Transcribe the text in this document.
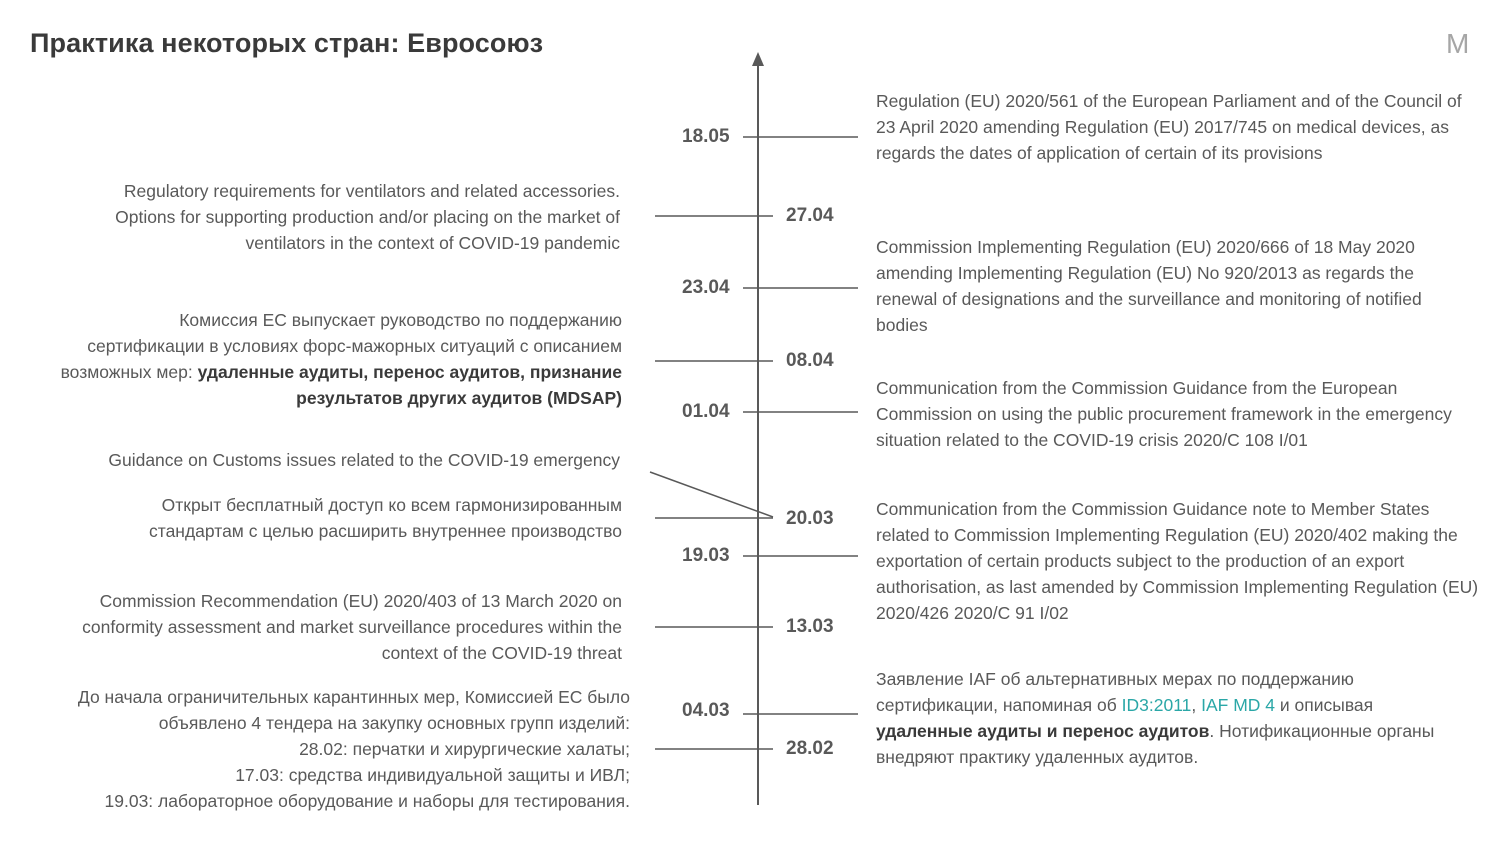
Практика некоторых стран: Евросоюз	M
18.05
27.04
23.04
08.04
01.04
20.03
19.03
13.03
04.03
28.02
Regulation (EU) 2020/561 of the European Parliament and of the Council of 23 April 2020 amending Regulation (EU) 2017/745 on medical devices, as regards the dates of application of certain of its provisions
Commission Implementing Regulation (EU) 2020/666 of 18 May 2020 amending Implementing Regulation (EU) No 920/2013 as regards the renewal of designations and the surveillance and monitoring of notified bodies
Communication from the Commission Guidance from the European Commission on using the public procurement framework in the emergency situation related to the COVID-19 crisis 2020/C 108 I/01
Communication from the Commission Guidance note to Member States related to Commission Implementing Regulation (EU) 2020/402 making the exportation of certain products subject to the production of an export authorisation, as last amended by Commission Implementing Regulation (EU) 2020/426 2020/C 91 I/02
Заявление IAF об альтернативных мерах по поддержанию сертификации, напоминая об ID3:2011, IAF MD 4 и описывая удаленные аудиты и перенос аудитов. Нотификационные органы внедряют практику удаленных аудитов.
Regulatory requirements for ventilators and related accessories. Options for supporting production and/or placing on the market of ventilators in the context of COVID-19 pandemic
Комиссия ЕС выпускает руководство по поддержанию сертификации в условиях форс-мажорных ситуаций с описанием возможных мер: удаленные аудиты, перенос аудитов, признание результатов других аудитов (MDSAP)
Guidance on Customs issues related to the COVID-19 emergency
Открыт бесплатный доступ ко всем гармонизированным стандартам с целью расширить внутреннее производство
Commission Recommendation (EU) 2020/403 of 13 March 2020 on conformity assessment and market surveillance procedures within the context of the COVID-19 threat
До начала ограничительных карантинных мер, Комиссией ЕС было объявлено 4 тендера на закупку основных групп изделий:
28.02: перчатки и хирургические халаты;
17.03: средства индивидуальной защиты и ИВЛ;
19.03: лабораторное оборудование и наборы для тестирования.
